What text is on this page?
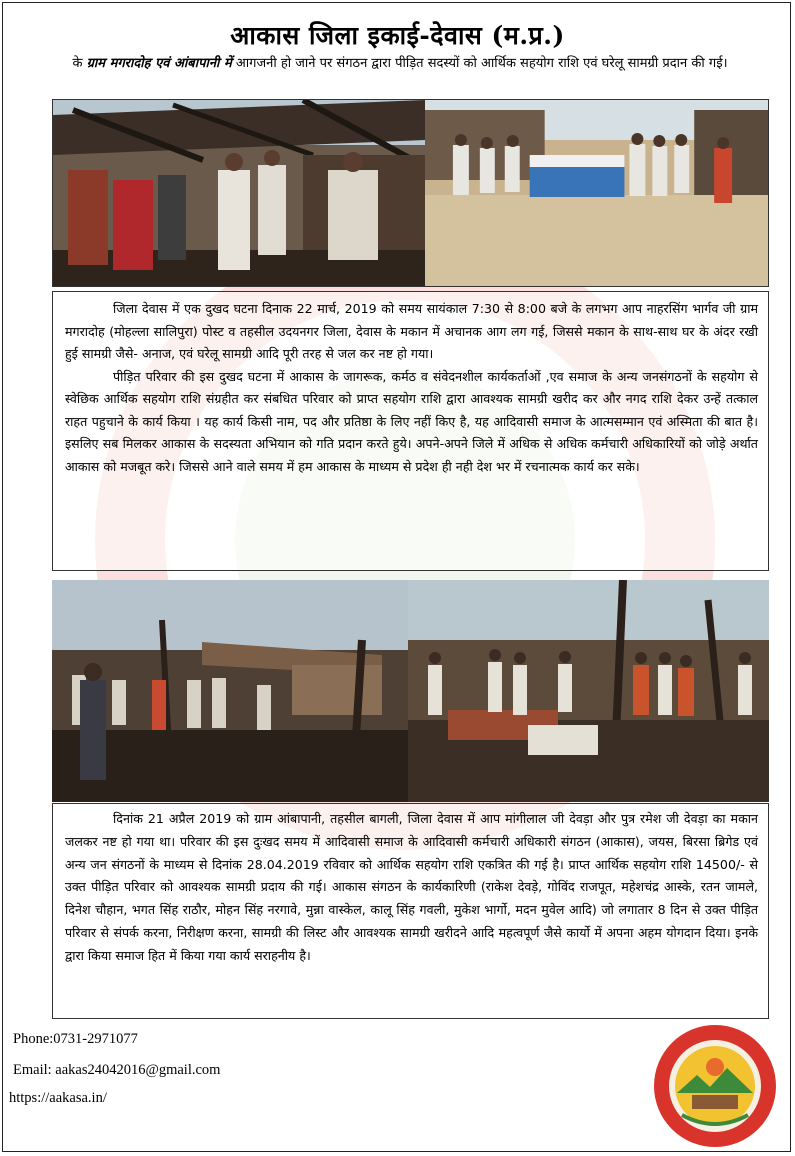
आकास जिला इकाई-देवास (म.प्र.)
के ग्राम मगरादोह एवं आंबापानी में आगजनी हो जाने पर संगठन द्वारा पीड़ित सदस्यों को आर्थिक सहयोग राशि एवं घरेलू सामग्री प्रदान की गई।

जिला देवास में एक दुखद घटना दिनाक 22 मार्च, 2019 को समय सायंकाल 7:30 से 8:00 बजे के लगभग आप नाहरसिंग भार्गव जी ग्राम मगरादोह (मोहल्ला सालिपुरा) पोस्ट व तहसील उदयनगर जिला, देवास के मकान में अचानक आग लग गई, जिससे मकान के साथ-साथ घर के अंदर रखी हुई सामग्री जैसे- अनाज, एवं घरेलू सामग्री आदि पूरी तरह से जल कर नष्ट हो गया।

पीड़ित परिवार की इस दुखद घटना में आकास के जागरूक, कर्मठ व संवेदनशील कार्यकर्ताओं ,एव समाज के अन्य जनसंगठनों के सहयोग से स्वेछिक आर्थिक सहयोग राशि संग्रहीत कर संबधित परिवार को प्राप्त सहयोग राशि द्वारा आवश्यक सामग्री खरीद कर और नगद राशि देकर उन्हें तत्काल राहत पहुचाने के कार्य किया । यह कार्य किसी नाम, पद और प्रतिष्ठा के लिए नहीं किए है, यह आदिवासी समाज के आत्मसम्मान एवं अस्मिता की बात है। इसलिए सब मिलकर आकास के सदस्यता अभियान को गति प्रदान करते हुये। अपने-अपने जिले में अधिक से अधिक कर्मचारी अधिकारियों को जोड़े अर्थात आकास को मजबूत करे। जिससे आने वाले समय में हम आकास के माध्यम से प्रदेश ही नही देश भर में रचनात्मक कार्य कर सके।

दिनांक 21 अप्रैल 2019 को ग्राम आंबापानी, तहसील बागली, जिला देवास में आप मांगीलाल जी देवड़ा और पुत्र रमेश जी देवड़ा का मकान जलकर नष्ट हो गया था। परिवार की इस दुःखद समय में आदिवासी समाज के आदिवासी कर्मचारी अधिकारी संगठन (आकास), जयस, बिरसा ब्रिगेड एवं अन्य जन संगठनों के माध्यम से दिनांक 28.04.2019 रविवार को आर्थिक सहयोग राशि एकत्रित की गई है। प्राप्त आर्थिक सहयोग राशि 14500/- से उक्त पीड़ित परिवार को आवश्यक सामग्री प्रदाय की गई। आकास संगठन के कार्यकारिणी (राकेश देवड़े, गोविंद राजपूत, महेशचंद्र आस्के, रतन जामले, दिनेश चौहान, भगत सिंह राठौर, मोहन सिंह नरगावे, मुन्ना वास्केल, कालू सिंह गवली, मुकेश भार्गो, मदन मुवेल आदि) जो लगातार 8 दिन से उक्त पीड़ित परिवार से संपर्क करना, निरीक्षण करना, सामग्री की लिस्ट और आवश्यक सामग्री खरीदने आदि महत्वपूर्ण जैसे कार्यो में अपना अहम योगदान दिया। इनके द्वारा किया समाज हित में किया गया कार्य सराहनीय है।

Phone:0731-2971077
Email: aakas24042016@gmail.com
https://aakasa.in/
